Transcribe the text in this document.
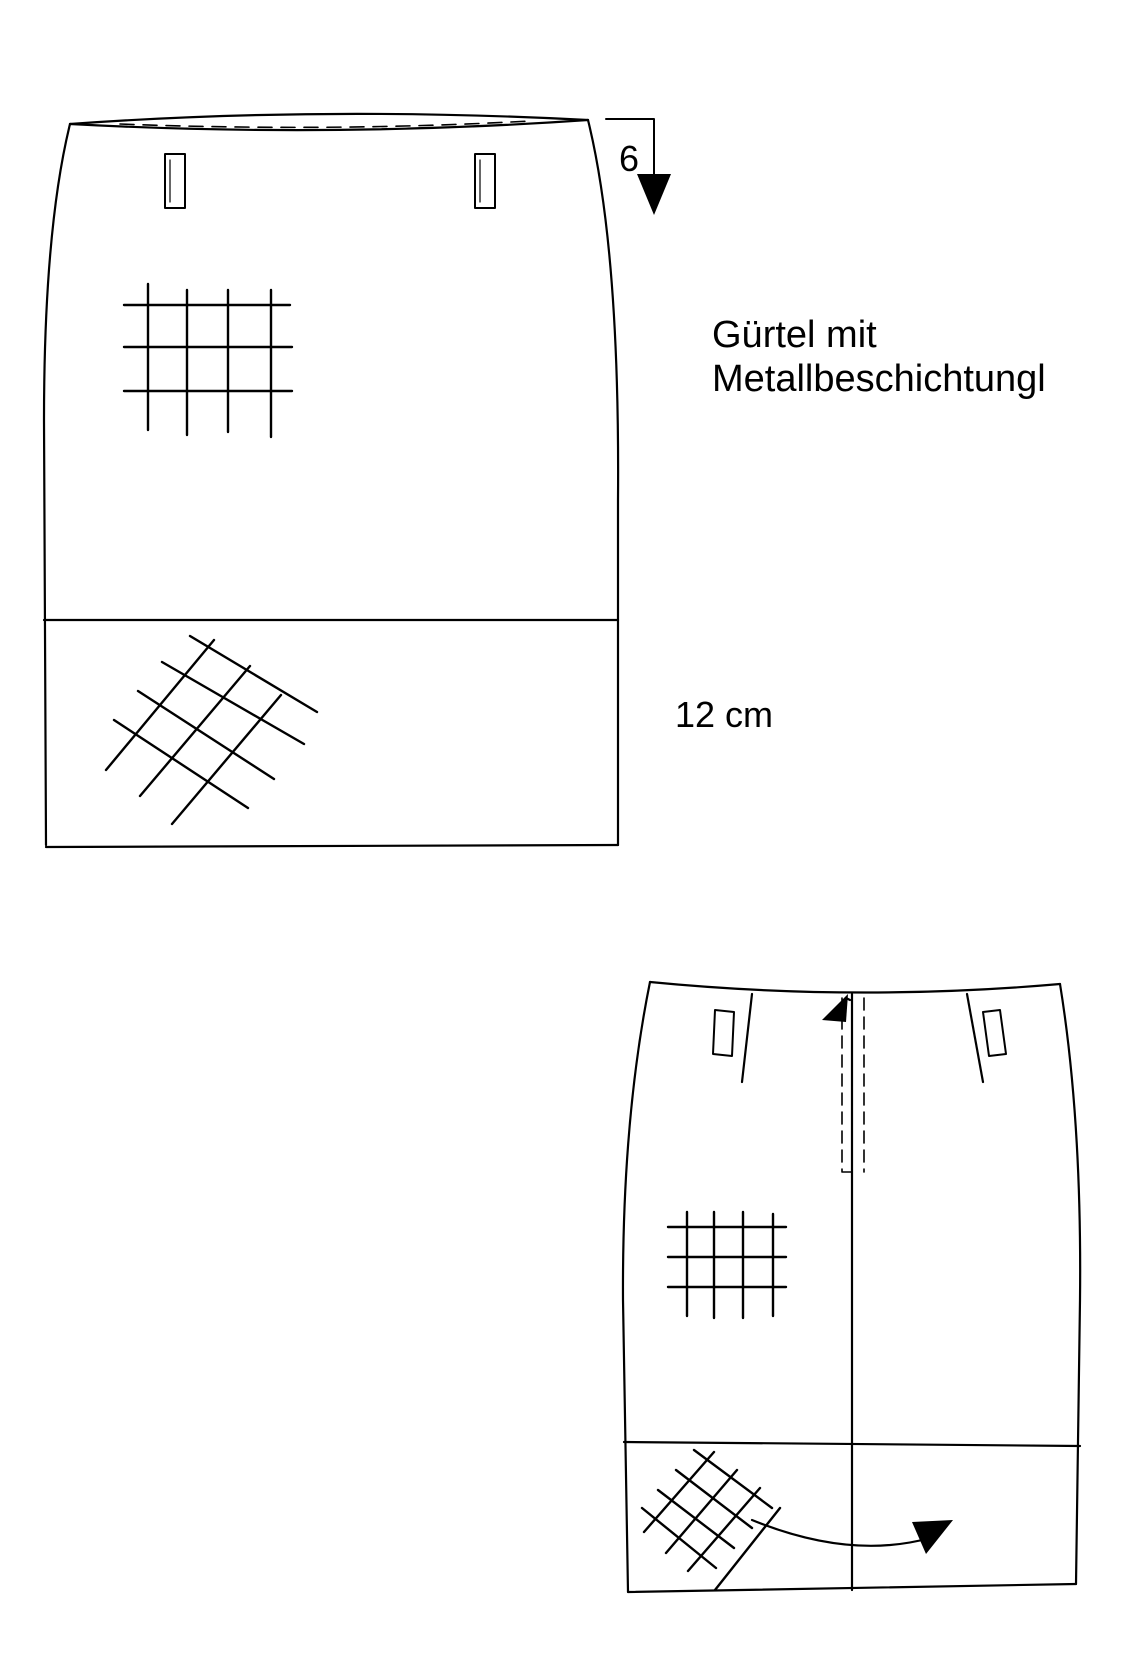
6
Gürtel mit
Metallbeschichtungl
12 cm
